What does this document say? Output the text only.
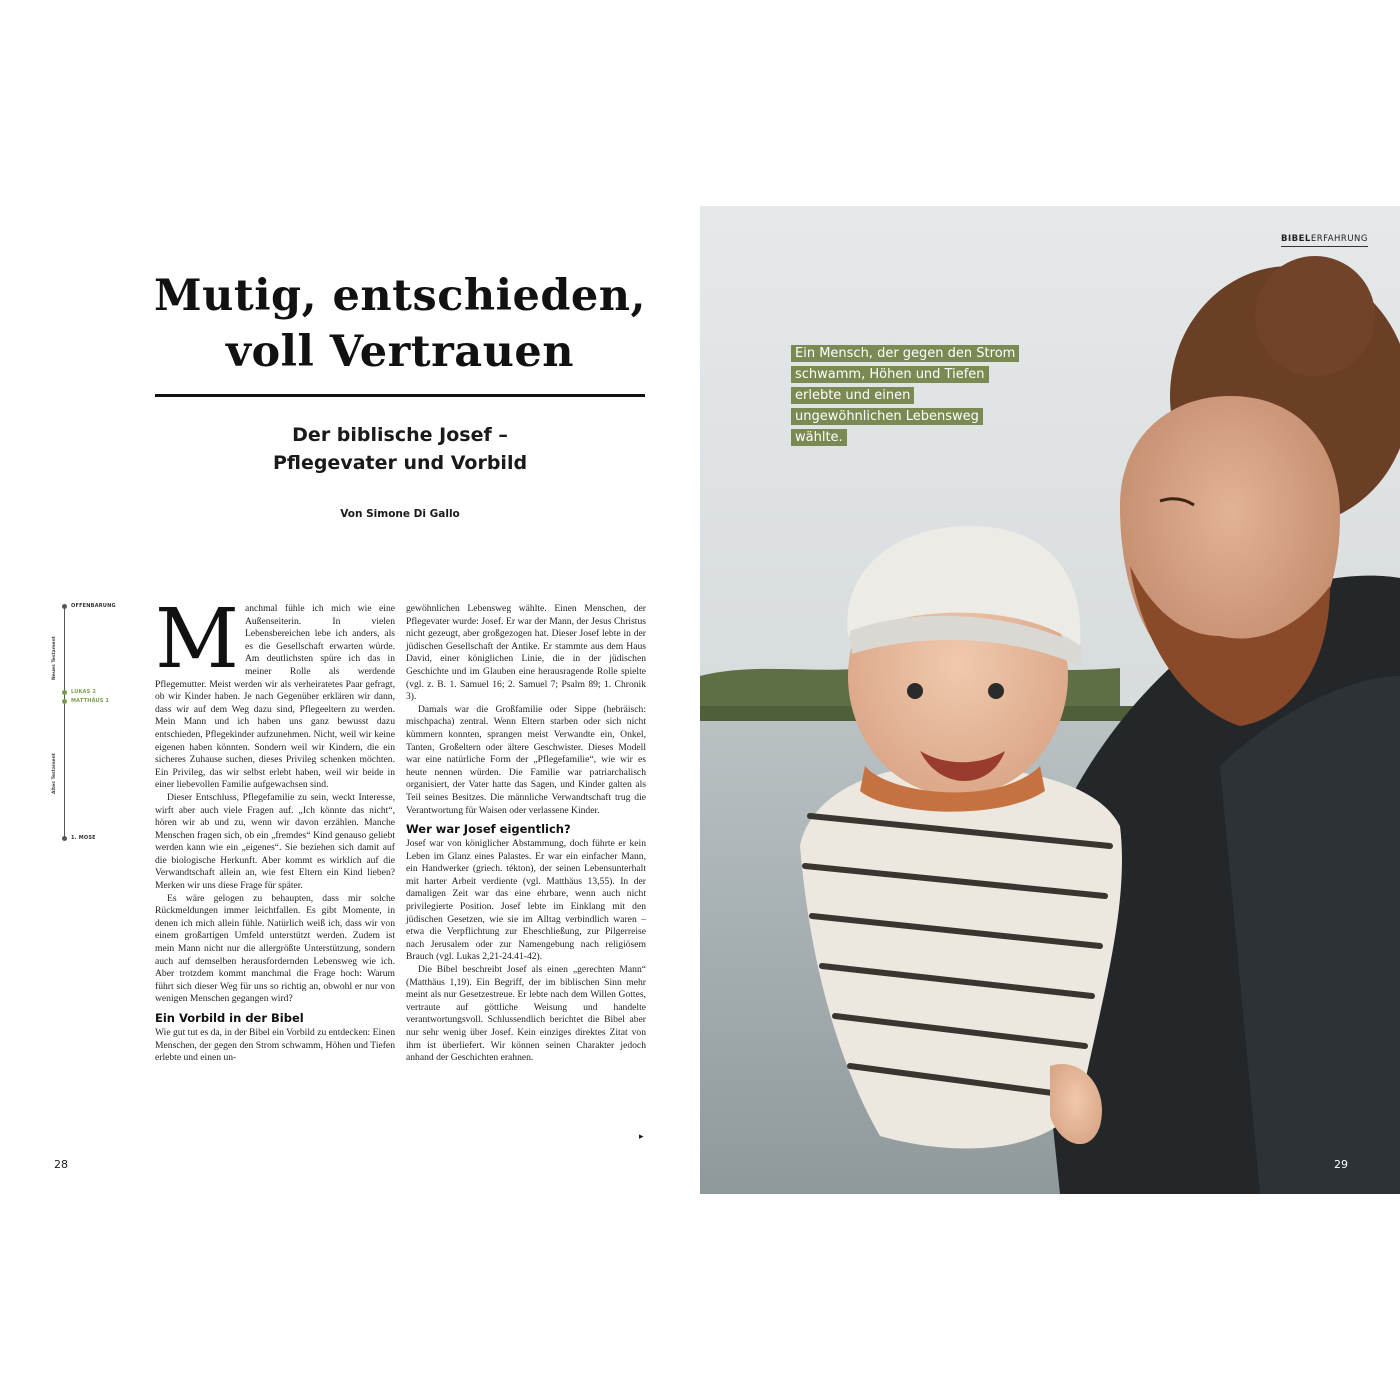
Mutig, entschieden,
voll Vertrauen
Der biblische Josef –
Pflegevater und Vorbild
Von Simone Di Gallo
OFFENBARUNG
LUKAS 2
MATTHÄUS 1
1. MOSE
Neues Testament
Altes Testament
M anchmal fühle ich mich wie eine Außenseiterin. In vielen Lebensbereichen lebe ich anders, als es die Gesellschaft erwarten würde. Am deutlichsten spüre ich das in meiner Rolle als werdende Pflegemutter. Meist werden wir als verheiratetes Paar gefragt, ob wir Kinder haben. Je nach Gegenüber erklären wir dann, dass wir auf dem Weg dazu sind, Pflegeeltern zu werden. Mein Mann und ich haben uns ganz bewusst dazu entschieden, Pflegekinder aufzunehmen. Nicht, weil wir keine eigenen haben könnten. Sondern weil wir Kindern, die ein sicheres Zuhause suchen, dieses Privileg schenken möchten. Ein Privileg, das wir selbst erlebt haben, weil wir beide in einer liebevollen Familie aufgewachsen sind.

Dieser Entschluss, Pflegefamilie zu sein, weckt Interesse, wirft aber auch viele Fragen auf. „Ich könnte das nicht“, hören wir ab und zu, wenn wir davon erzählen. Manche Menschen fragen sich, ob ein „fremdes“ Kind genauso geliebt werden kann wie ein „eigenes“. Sie beziehen sich damit auf die biologische Herkunft. Aber kommt es wirklich auf die Verwandtschaft allein an, wie fest Eltern ein Kind lieben? Merken wir uns diese Frage für später.

Es wäre gelogen zu behaupten, dass mir solche Rückmeldungen immer leichtfallen. Es gibt Momente, in denen ich mich allein fühle. Natürlich weiß ich, dass wir von einem großartigen Umfeld unterstützt werden. Zudem ist mein Mann nicht nur die allergrößte Unterstützung, sondern auch auf demselben herausfordernden Lebensweg wie ich. Aber trotzdem kommt manchmal die Frage hoch: Warum führt sich dieser Weg für uns so richtig an, obwohl er nur von wenigen Menschen gegangen wird?

Ein Vorbild in der Bibel

Wie gut tut es da, in der Bibel ein Vorbild zu entdecken: Einen Menschen, der gegen den Strom schwamm, Höhen und Tiefen erlebte und einen un-

gewöhnlichen Lebensweg wählte. Einen Menschen, der Pflegevater wurde: Josef. Er war der Mann, der Jesus Christus nicht gezeugt, aber großgezogen hat. Dieser Josef lebte in der jüdischen Gesellschaft der Antike. Er stammte aus dem Haus David, einer königlichen Linie, die in der jüdischen Geschichte und im Glauben eine herausragende Rolle spielte (vgl. z. B. 1. Samuel 16; 2. Samuel 7; Psalm 89; 1. Chronik 3).

Damals war die Großfamilie oder Sippe (hebräisch: mischpacha) zentral. Wenn Eltern starben oder sich nicht kümmern konnten, sprangen meist Verwandte ein, Onkel, Tanten, Großeltern oder ältere Geschwister. Dieses Modell war eine natürliche Form der „Pflegefamilie“, wie wir es heute nennen würden. Die Familie war patriarchalisch organisiert, der Vater hatte das Sagen, und Kinder galten als Teil seines Besitzes. Die männliche Verwandtschaft trug die Verantwortung für Waisen oder verlassene Kinder.

Wer war Josef eigentlich?

Josef war von königlicher Abstammung, doch führte er kein Leben im Glanz eines Palastes. Er war ein einfacher Mann, ein Handwerker (griech. tékton), der seinen Lebensunterhalt mit harter Arbeit verdiente (vgl. Matthäus 13,55). In der damaligen Zeit war das eine ehrbare, wenn auch nicht privilegierte Position. Josef lebte im Einklang mit den jüdischen Gesetzen, wie sie im Alltag verbindlich waren – etwa die Verpflichtung zur Eheschließung, zur Pilgerreise nach Jerusalem oder zur Namengebung nach religiösem Brauch (vgl. Lukas 2,21-24.41-42).

Die Bibel beschreibt Josef als einen „gerechten Mann“ (Matthäus 1,19). Ein Begriff, der im biblischen Sinn mehr meint als nur Gesetzestreue. Er lebte nach dem Willen Gottes, vertraute auf göttliche Weisung und handelte verantwortungsvoll. Schlussendlich berichtet die Bibel aber nur sehr wenig über Josef. Kein einziges direktes Zitat von ihm ist überliefert. Wir können seinen Charakter jedoch anhand der Geschichten erahnen.

▸
28
BIBELERFAHRUNG
Ein Mensch, der gegen den Strom schwamm, Höhen und Tiefen erlebte und einen ungewöhnlichen Lebensweg wählte.
29
